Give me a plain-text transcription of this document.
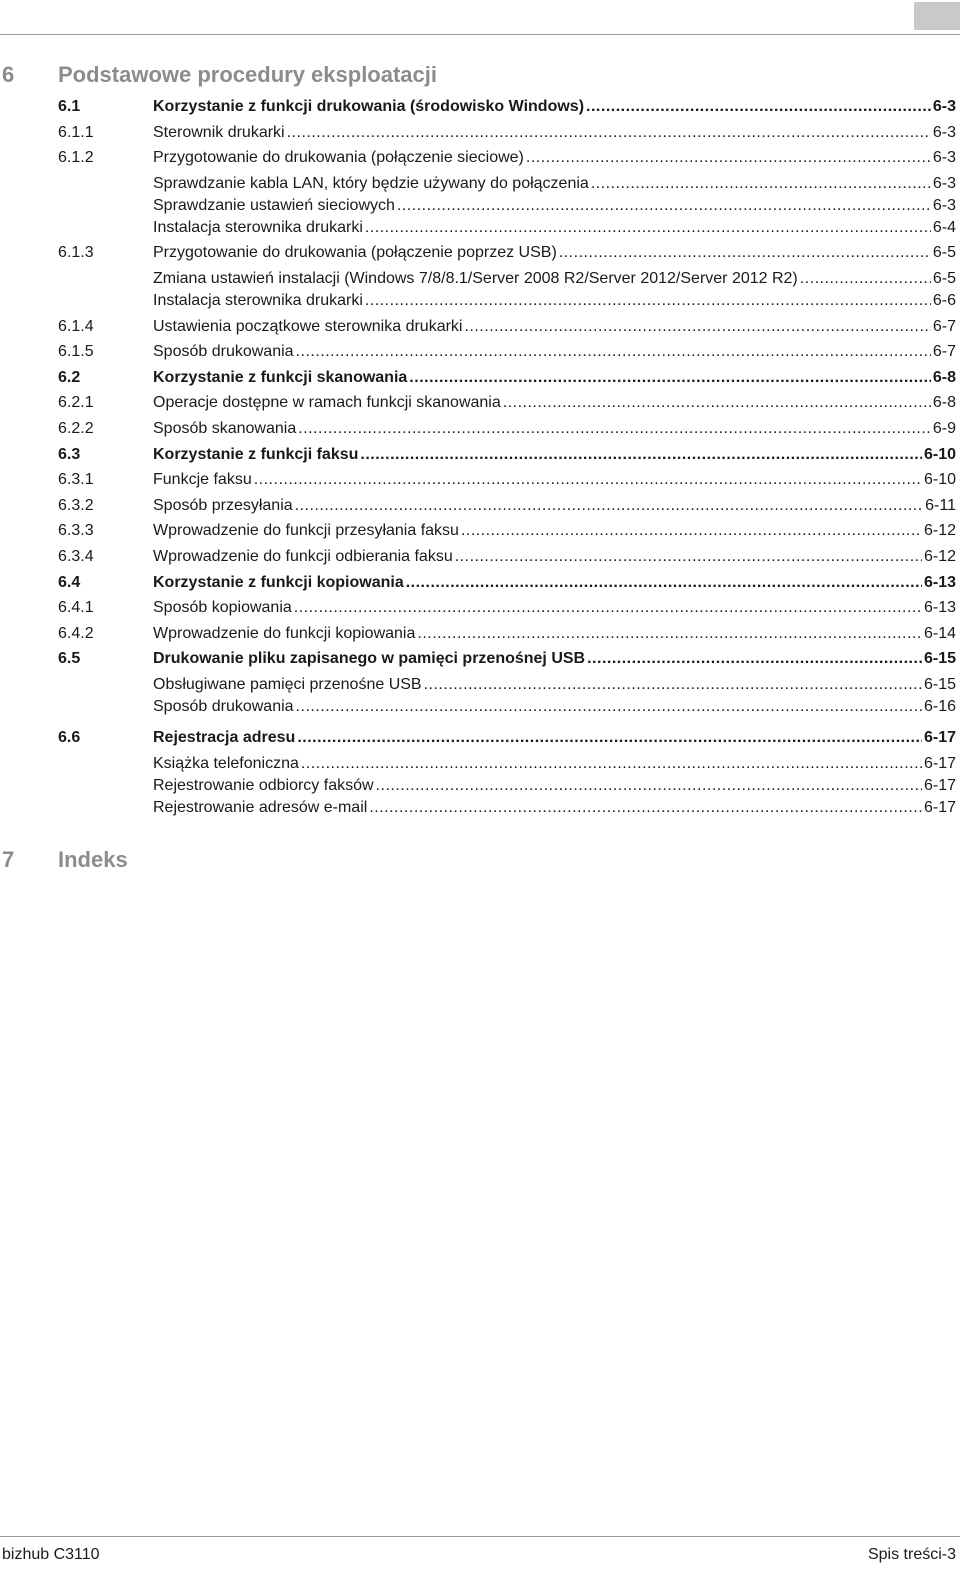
6 Podstawowe procedury eksploatacji
6.1	Korzystanie z funkcji drukowania (środowisko Windows) .....	6-3
6.1.1	Sterownik drukarki .....	6-3
6.1.2	Przygotowanie do drukowania (połączenie sieciowe) .....	6-3
Sprawdzanie kabla LAN, który będzie używany do połączenia .....	6-3
Sprawdzanie ustawień sieciowych .....	6-3
Instalacja sterownika drukarki .....	6-4
6.1.3	Przygotowanie do drukowania (połączenie poprzez USB) .....	6-5
Zmiana ustawień instalacji (Windows 7/8/8.1/Server 2008 R2/Server 2012/Server 2012 R2) .....	6-5
Instalacja sterownika drukarki .....	6-6
6.1.4	Ustawienia początkowe sterownika drukarki .....	6-7
6.1.5	Sposób drukowania .....	6-7
6.2	Korzystanie z funkcji skanowania .....	6-8
6.2.1	Operacje dostępne w ramach funkcji skanowania .....	6-8
6.2.2	Sposób skanowania .....	6-9
6.3	Korzystanie z funkcji faksu .....	6-10
6.3.1	Funkcje faksu .....	6-10
6.3.2	Sposób przesyłania .....	6-11
6.3.3	Wprowadzenie do funkcji przesyłania faksu .....	6-12
6.3.4	Wprowadzenie do funkcji odbierania faksu .....	6-12
6.4	Korzystanie z funkcji kopiowania .....	6-13
6.4.1	Sposób kopiowania .....	6-13
6.4.2	Wprowadzenie do funkcji kopiowania .....	6-14
6.5	Drukowanie pliku zapisanego w pamięci przenośnej USB .....	6-15
Obsługiwane pamięci przenośne USB .....	6-15
Sposób drukowania .....	6-16
6.6	Rejestracja adresu .....	6-17
Książka telefoniczna .....	6-17
Rejestrowanie odbiorcy faksów .....	6-17
Rejestrowanie adresów e-mail .....	6-17
7 Indeks
bizhub C3110	Spis treści-3
